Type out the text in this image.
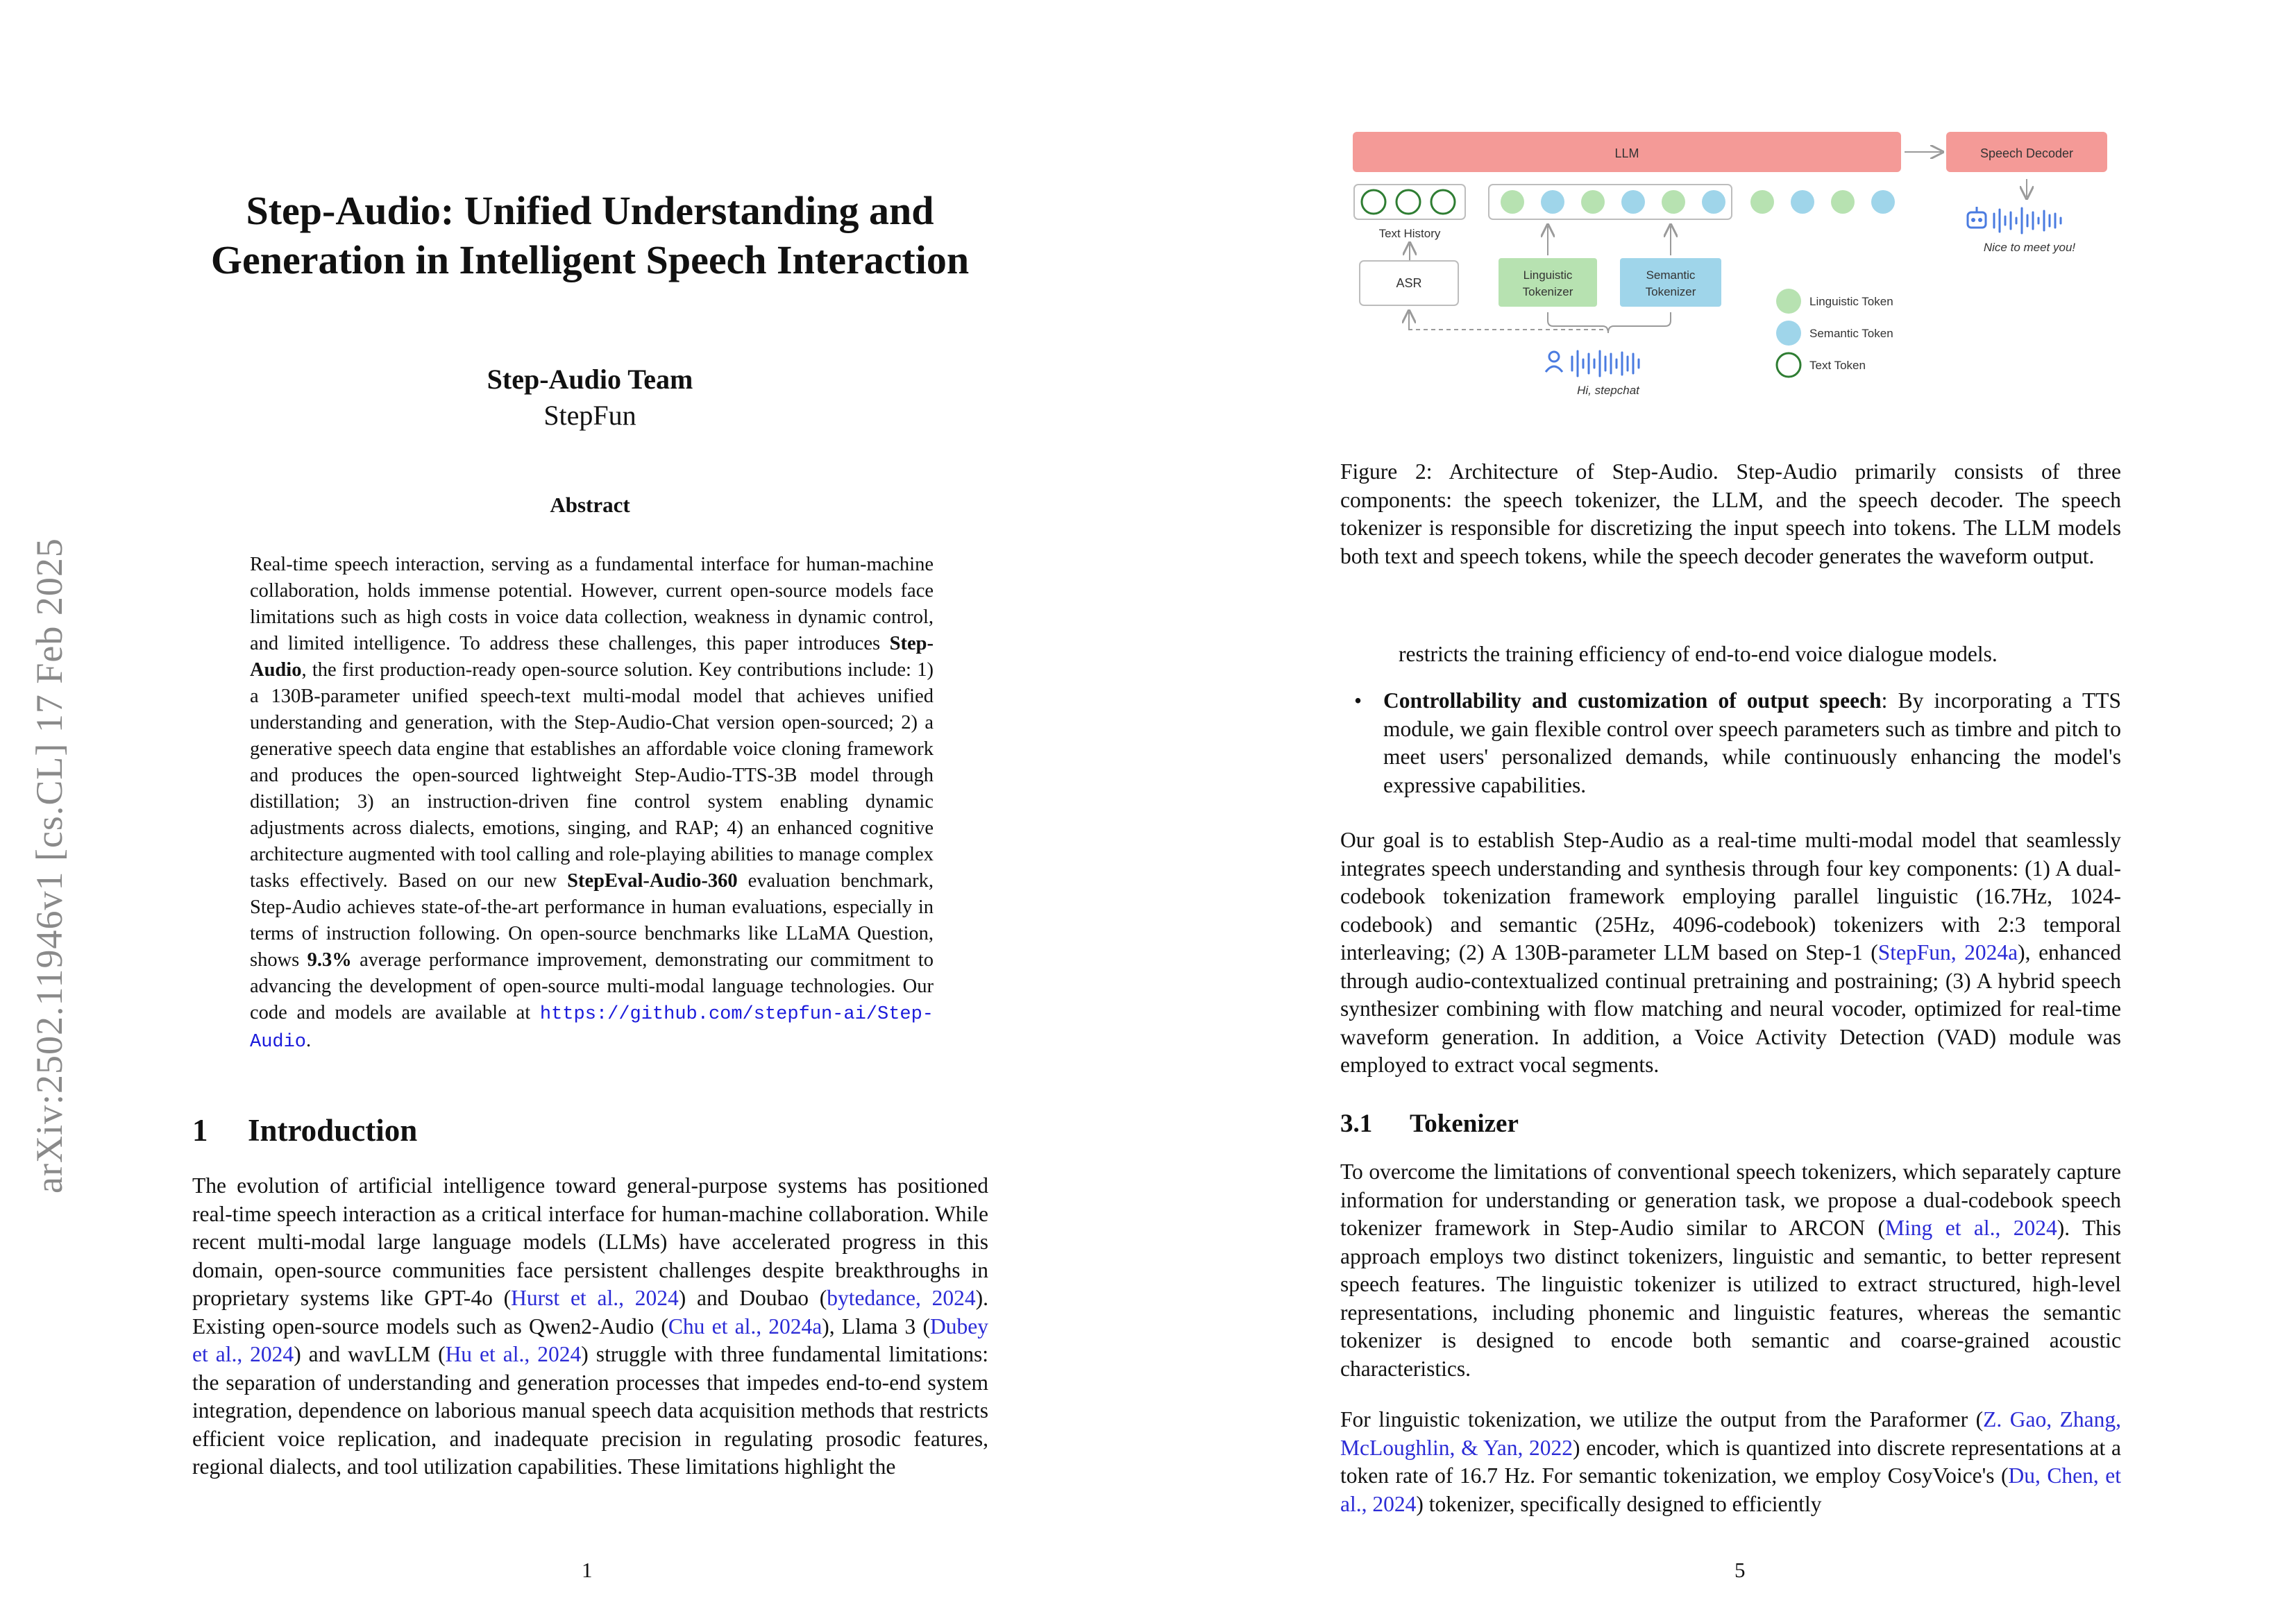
arXiv:2502.11946v1 [cs.CL] 17 Feb 2025
Step-Audio: Unified Understanding and Generation in Intelligent Speech Interaction
Step-Audio Team
StepFun
Abstract
Real-time speech interaction, serving as a fundamental interface for human-machine collaboration, holds immense potential. However, current open-source models face limitations such as high costs in voice data collection, weakness in dynamic control, and limited intelligence. To address these challenges, this paper introduces Step-Audio, the first production-ready open-source solution. Key contributions include: 1) a 130B-parameter unified speech-text multi-modal model that achieves unified understanding and generation, with the Step-Audio-Chat version open-sourced; 2) a generative speech data engine that establishes an affordable voice cloning framework and produces the open-sourced lightweight Step-Audio-TTS-3B model through distillation; 3) an instruction-driven fine control system enabling dynamic adjustments across dialects, emotions, singing, and RAP; 4) an enhanced cognitive architecture augmented with tool calling and role-playing abilities to manage complex tasks effectively. Based on our new StepEval-Audio-360 evaluation benchmark, Step-Audio achieves state-of-the-art performance in human evaluations, especially in terms of instruction following. On open-source benchmarks like LLaMA Question, shows 9.3% average performance improvement, demonstrating our commitment to advancing the development of open-source multi-modal language technologies. Our code and models are available at https://github.com/stepfun-ai/Step-Audio.
1 Introduction
The evolution of artificial intelligence toward general-purpose systems has positioned real-time speech interaction as a critical interface for human-machine collaboration. While recent multi-modal large language models (LLMs) have accelerated progress in this domain, open-source communities face persistent challenges despite breakthroughs in proprietary systems like GPT-4o (Hurst et al., 2024) and Doubao (bytedance, 2024). Existing open-source models such as Qwen2-Audio (Chu et al., 2024a), Llama 3 (Dubey et al., 2024) and wavLLM (Hu et al., 2024) struggle with three fundamental limitations: the separation of understanding and generation processes that impedes end-to-end system integration, dependence on laborious manual speech data acquisition methods that restricts efficient voice replication, and inadequate precision in regulating prosodic features, regional dialects, and tool utilization capabilities. These limitations highlight the
1
LLM	Speech Decoder
Nice to meet you!
Text History
ASR
Linguistic
Tokenizer
Semantic
Tokenizer
Hi, stepchat
Linguistic Token
Semantic Token
Text Token
Figure 2: Architecture of Step-Audio. Step-Audio primarily consists of three components: the speech tokenizer, the LLM, and the speech decoder. The speech tokenizer is responsible for discretizing the input speech into tokens. The LLM models both text and speech tokens, while the speech decoder generates the waveform output.
restricts the training efficiency of end-to-end voice dialogue models.
• Controllability and customization of output speech: By incorporating a TTS module, we gain flexible control over speech parameters such as timbre and pitch to meet users' personalized demands, while continuously enhancing the model's expressive capabilities.
Our goal is to establish Step-Audio as a real-time multi-modal model that seamlessly integrates speech understanding and synthesis through four key components: (1) A dual-codebook tokenization framework employing parallel linguistic (16.7Hz, 1024-codebook) and semantic (25Hz, 4096-codebook) tokenizers with 2:3 temporal interleaving; (2) A 130B-parameter LLM based on Step-1 (StepFun, 2024a), enhanced through audio-contextualized continual pretraining and postraining; (3) A hybrid speech synthesizer combining with flow matching and neural vocoder, optimized for real-time waveform generation. In addition, a Voice Activity Detection (VAD) module was employed to extract vocal segments.
3.1 Tokenizer
To overcome the limitations of conventional speech tokenizers, which separately capture information for understanding or generation task, we propose a dual-codebook speech tokenizer framework in Step-Audio similar to ARCON (Ming et al., 2024). This approach employs two distinct tokenizers, linguistic and semantic, to better represent speech features. The linguistic tokenizer is utilized to extract structured, high-level representations, including phonemic and linguistic features, whereas the semantic tokenizer is designed to encode both semantic and coarse-grained acoustic characteristics.
For linguistic tokenization, we utilize the output from the Paraformer (Z. Gao, Zhang, McLoughlin, & Yan, 2022) encoder, which is quantized into discrete representations at a token rate of 16.7 Hz. For semantic tokenization, we employ CosyVoice's (Du, Chen, et al., 2024) tokenizer, specifically designed to efficiently
5
